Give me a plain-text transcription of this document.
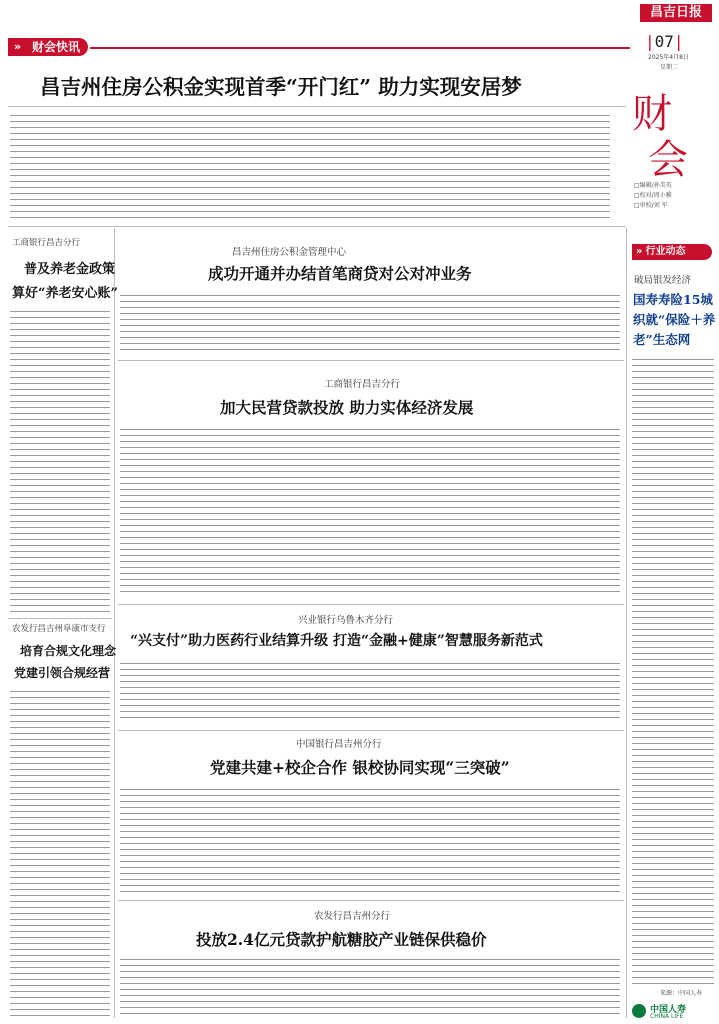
昌吉日报
|07|
2025年4月8日
星期二
» 财会快讯
昌吉州住房公积金实现首季“开门红” 助力实现安居梦
财
会
□编辑/孙美英
□校对/周小雅
□审校/刘 军
工商银行昌吉分行
普及养老金政策
算好“养老安心账”
农发行昌吉州阜康市支行
培育合规文化理念
党建引领合规经营
昌吉州住房公积金管理中心
成功开通并办结首笔商贷对公对冲业务
工商银行昌吉分行
加大民营贷款投放 助力实体经济发展
兴业银行乌鲁木齐分行
“兴支付”助力医药行业结算升级 打造“金融+健康”智慧服务新范式
中国银行昌吉州分行
党建共建+校企合作 银校协同实现“三突破”
农发行昌吉州分行
投放2.4亿元贷款护航糖胶产业链保供稳价
» 行业动态
破局银发经济
国寿寿险15城
织就“保险＋养
老”生态网
来源：中国人寿
中国人寿
CHINA LIFE
